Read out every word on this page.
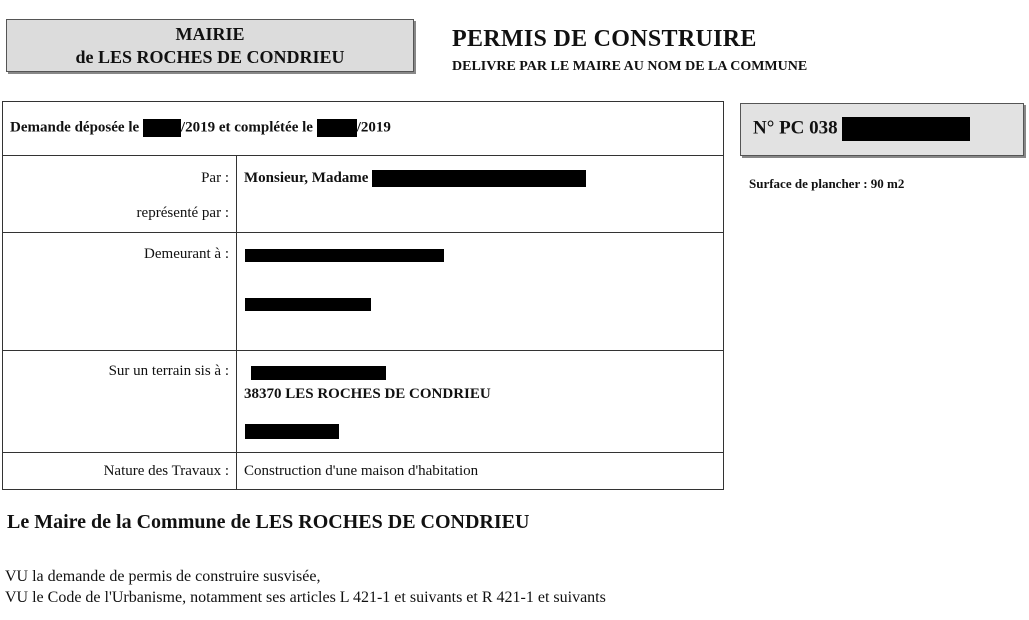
MAIRIE
de LES ROCHES DE CONDRIEU
PERMIS DE CONSTRUIRE
DELIVRE PAR LE MAIRE AU NOM DE LA COMMUNE
Demande déposée le	/2019 et complétée le	/2019
Par : Monsieur, Madame
représenté par :
Demeurant à :
Sur un terrain sis à :
38370 LES ROCHES DE CONDRIEU
Nature des Travaux : Construction d'une maison d'habitation
N° PC 038
Surface de plancher : 90 m2
Le Maire de la Commune de LES ROCHES DE CONDRIEU
VU la demande de permis de construire susvisée,
VU le Code de l'Urbanisme, notamment ses articles L 421-1 et suivants et R 421-1 et suivants
